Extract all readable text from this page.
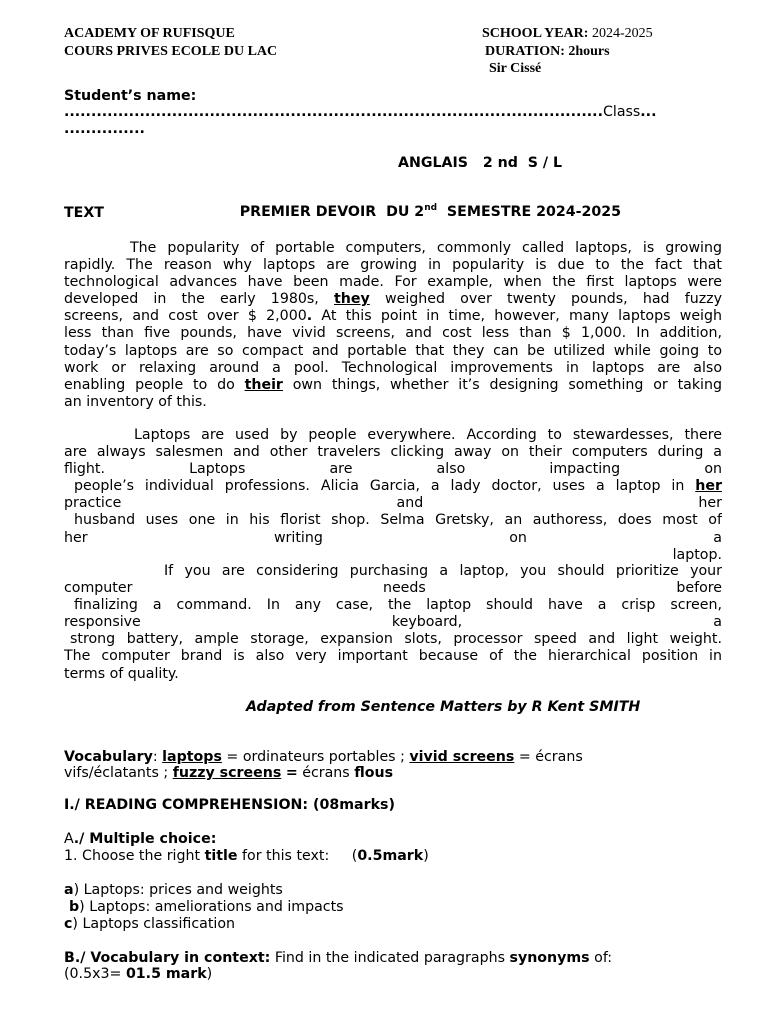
ACADEMY OF RUFISQUE
COURS PRIVES ECOLE DU LAC
SCHOOL YEAR: 2024-2025
DURATION: 2hours
Sir Cissé
Student’s name:
....................................................................................................Class...
...............
ANGLAIS   2 nd  S / L

PREMIER DEVOIR  DU 2nd  SEMESTRE 2024-2025

TEXT
The popularity of portable computers, commonly called laptops, is growing
rapidly. The reason why laptops are growing in popularity is due to the fact that
technological advances have been made. For example, when the first laptops were
developed in the early 1980s, they weighed over twenty pounds, had fuzzy
screens, and cost over $ 2,000. At this point in time, however, many laptops weigh
less than five pounds, have vivid screens, and cost less than $ 1,000. In addition,
today’s laptops are so compact and portable that they can be utilized while going to
work or relaxing around a pool. Technological improvements in laptops are also
enabling people to do their own things, whether it’s designing something or taking
an inventory of this.
Laptops are used by people everywhere. According to stewardesses, there
are always salesmen and other travelers clicking away on their computers during a
flight. Laptops are also impacting on
people’s individual professions. Alicia Garcia, a lady doctor, uses a laptop in her
practice and her
husband uses one in his florist shop. Selma Gretsky, an authoress, does most of
her writing on a
laptop.
If you are considering purchasing a laptop, you should prioritize your
computer needs before
finalizing a command. In any case, the laptop should have a crisp screen,
responsive keyboard, a
strong battery, ample storage, expansion slots, processor speed and light weight.
The computer brand is also very important because of the hierarchical position in
terms of quality.
Adapted from Sentence Matters by R Kent SMITH
Vocabulary: laptops = ordinateurs portables ; vivid screens = écrans
vifs/éclatants ; fuzzy screens = écrans flous
I./ READING COMPREHENSION: (08marks)
A./ Multiple choice:
1. Choose the right title for this text:     (0.5mark)
a) Laptops: prices and weights
b) Laptops: ameliorations and impacts
c) Laptops classification
B./ Vocabulary in context: Find in the indicated paragraphs synonyms of:
(0.5x3= 01.5 mark)
